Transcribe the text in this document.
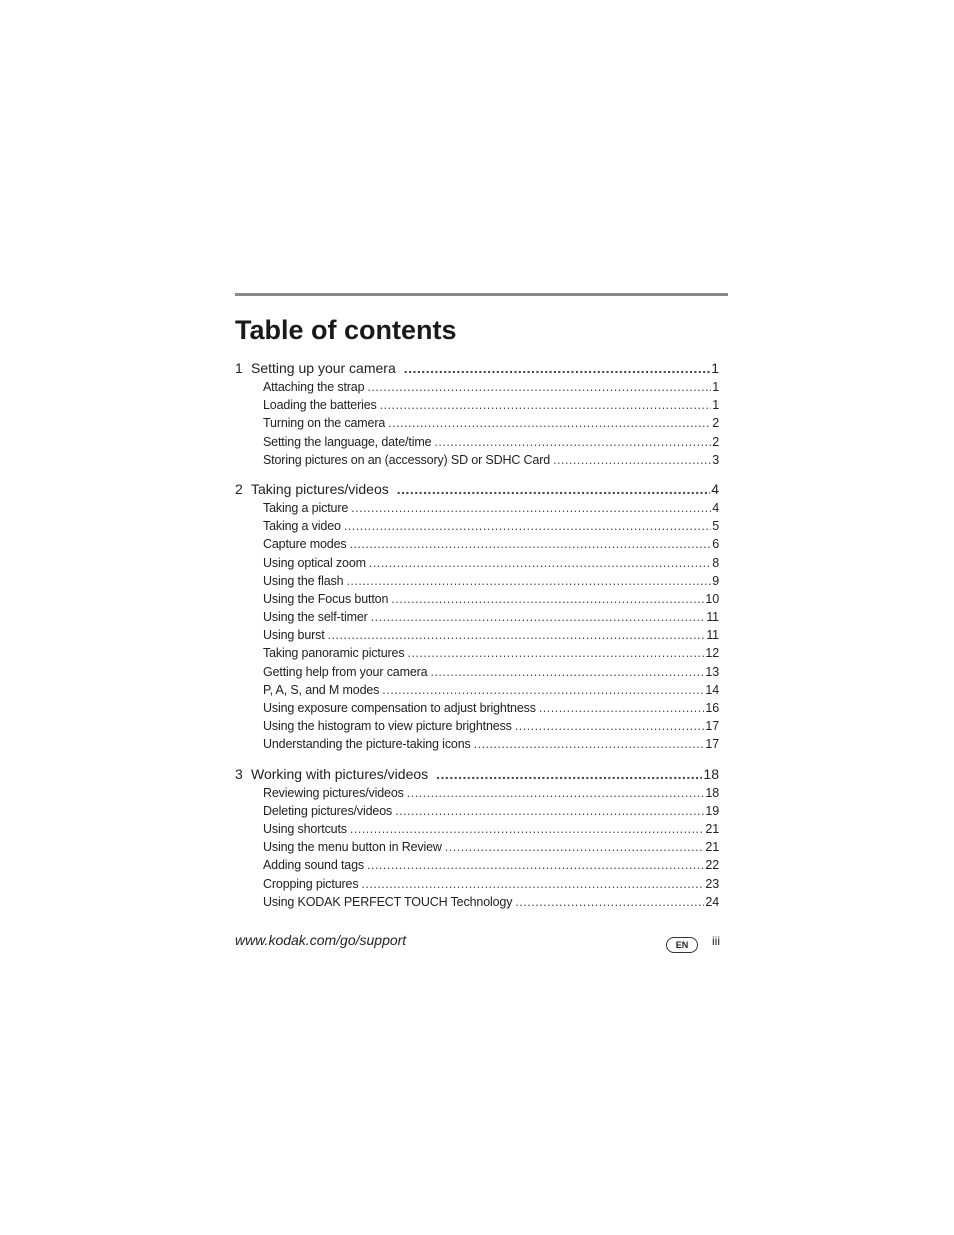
Table of contents
1 Setting up your camera .....	1
Attaching the strap .....	1
Loading the batteries .....	1
Turning on the camera .....	2
Setting the language, date/time .....	2
Storing pictures on an (accessory) SD or SDHC Card .....	3
2 Taking pictures/videos .....	4
Taking a picture .....	4
Taking a video .....	5
Capture modes .....	6
Using optical zoom .....	8
Using the flash .....	9
Using the Focus button .....	10
Using the self-timer .....	11
Using burst .....	11
Taking panoramic pictures .....	12
Getting help from your camera .....	13
P, A, S, and M modes .....	14
Using exposure compensation to adjust brightness .....	16
Using the histogram to view picture brightness .....	17
Understanding the picture-taking icons .....	17
3 Working with pictures/videos .....	18
Reviewing pictures/videos .....	18
Deleting pictures/videos .....	19
Using shortcuts .....	21
Using the menu button in Review .....	21
Adding sound tags .....	22
Cropping pictures .....	23
Using KODAK PERFECT TOUCH Technology .....	24
www.kodak.com/go/support	EN	iii
